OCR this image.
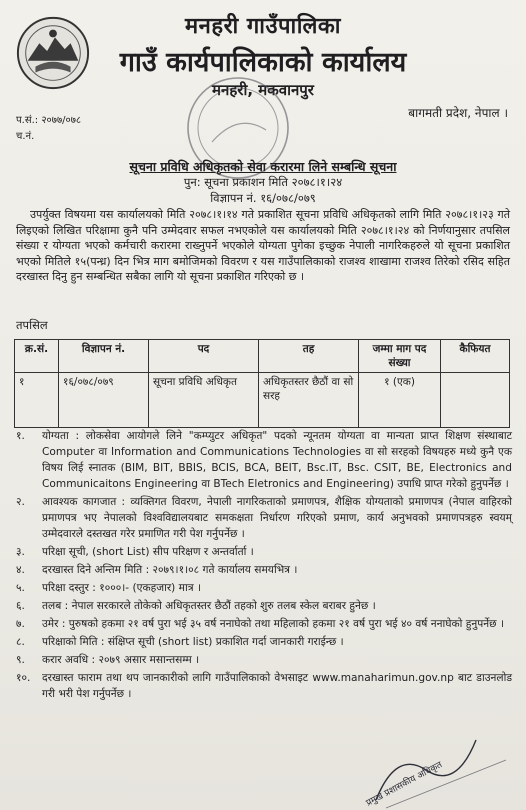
मनहरी गाउँपालिका
गाउँ कार्यपालिकाको कार्यालय
मनहरी, मकवानपुर
बागमती प्रदेश, नेपाल ।
प.सं.: २०७७/०७८
च.नं.
सूचना प्रविधि अधिकृतको सेवा करारमा लिने सम्बन्धि सूचना
पुन: सूचना प्रकाशन मिति २०७८।१।२४
विज्ञापन नं. १६/०७८/०७९
उपर्युक्त विषयमा यस कार्यालयको मिति २०७८।१।१४ गते प्रकाशित सूचना प्रविधि अधिकृतको लागि मिति २०७८।१।२३ गते लिइएको लिखित परिक्षामा कुनै पनि उम्मेदवार सफल नभएकोले यस कार्यालयको मिति २०७८।१।२४ को निर्णयानुसार तपसिल संख्या र योग्यता भएको कर्मचारी करारमा राख्नुपर्ने भएकोले योग्यता पुगेका इच्छुक नेपाली नागरिकहरुले यो सूचना प्रकाशित भएको मितिले १५(पन्ध्र) दिन भित्र माग बमोजिमको विवरण र यस गाउँपालिकाको राजश्व शाखामा राजश्व तिरेको रसिद सहित दरखास्त दिनु हुन सम्बन्धित सबैका लागि यो सूचना प्रकाशित गरिएको छ ।
तपसिल
क्र.सं.	विज्ञापन नं.	पद	तह	जम्मा माग पद संख्या	कैफियत
१	१६/०७८/०७९	सूचना प्रविधि अधिकृत	अधिकृतस्तर छैठौं वा सो सरह	१ (एक)	
१.	योग्यता : लोकसेवा आयोगले लिने "कम्प्युटर अधिकृत" पदको न्यूनतम योग्यता वा मान्यता प्राप्त शिक्षण संस्थाबाट Computer वा Information and Communications Technologies वा सो सरहको विषयहरु मध्ये कुनै एक विषय लिई स्नातक (BIM, BIT, BBIS, BCIS, BCA, BEIT, Bsc.IT, Bsc. CSIT, BE, Electronics and Communicaitons Engineering वा BTech Eletronics and Engineering) उपाधि प्राप्त गरेको हुनुपर्नेछ ।
२.	आवश्यक कागजात : व्यक्तिगत विवरण, नेपाली नागरिकताको प्रमाणपत्र, शैक्षिक योग्यताको प्रमाणपत्र (नेपाल वाहिरको प्रमाणपत्र भए नेपालको विश्वविद्यालयबाट समकक्षता निर्धारण गरिएको प्रमाण, कार्य अनुभवको प्रमाणपत्रहरु स्वयम् उम्मेदवारले दस्तखत गरेर प्रमाणित गरी पेश गर्नुपर्नेछ ।
३.	परिक्षा सूची, (short List) सीप परिक्षण र अन्तर्वार्ता ।
४.	दरखास्त दिने अन्तिम मिति : २०७९।१।०८ गते कार्यालय समयभित्र ।
५.	परिक्षा दस्तुर : १०००।- (एकहजार) मात्र ।
६.	तलब : नेपाल सरकारले तोकेको अधिकृतस्तर छैठौं तहको शुरु तलब स्केल बराबर हुनेछ ।
७.	उमेर : पुरुषको हकमा २१ वर्ष पुरा भई ३५ वर्ष ननाघेको तथा महिलाको हकमा २१ वर्ष पुरा भई ४० वर्ष ननाघेको हुनुपर्नेछ ।
८.	परिक्षाको मिति : संक्षिप्त सूची (short list) प्रकाशित गर्दा जानकारी गराईन्छ ।
९.	करार अवधि : २०७९ असार मसान्तसम्म ।
१०.	दरखास्त फाराम तथा थप जानकारीको लागि गाउँपालिकाको वेभसाइट www.manaharimun.gov.np बाट डाउनलोड गरी भरी पेश गर्नुपर्नेछ ।
प्रमुख प्रशासकीय अधिकृत
